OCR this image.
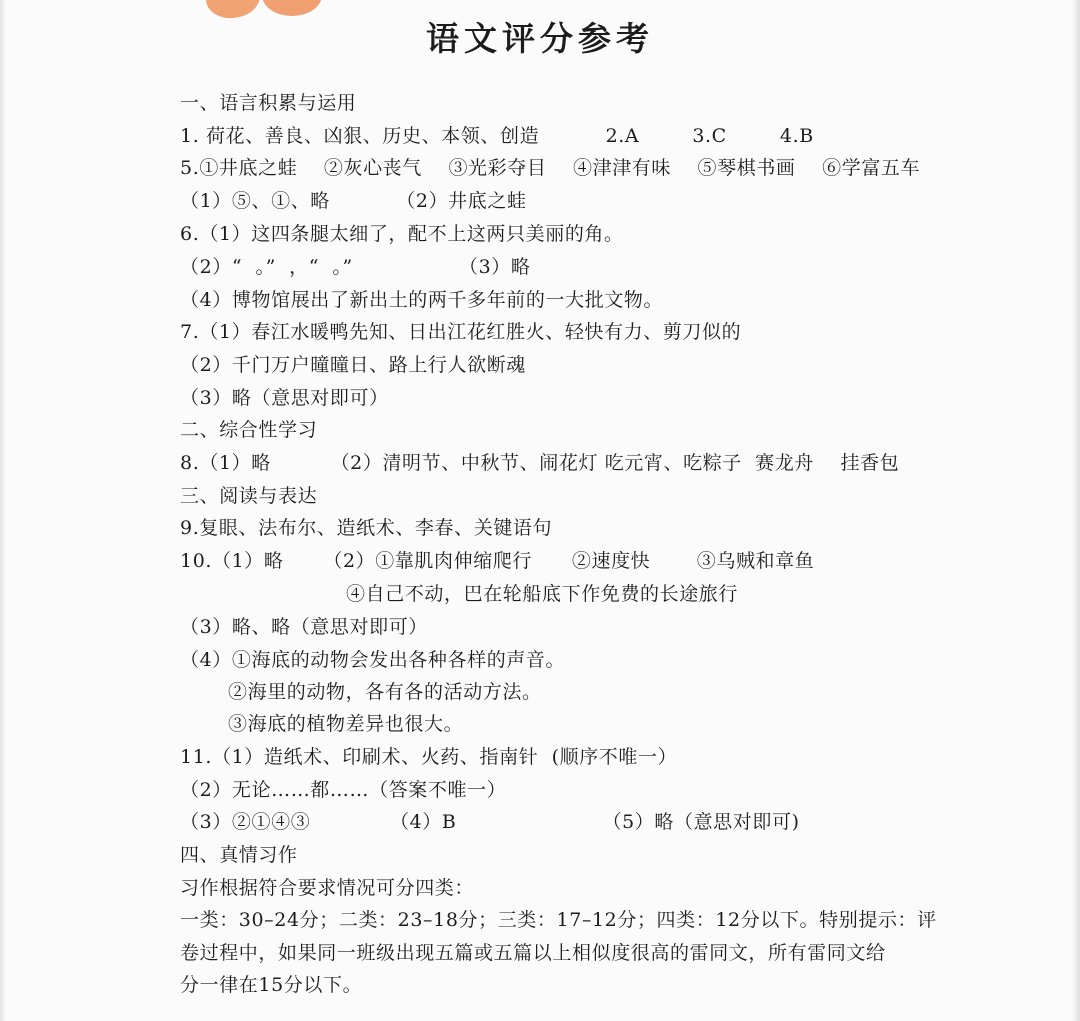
语文评分参考
一、语言积累与运用
1. 荷花、善良、凶狠、历史、本领、创造          2.A        3.C        4.B
5.①井底之蛙    ②灰心丧气    ③光彩夺目    ④津津有味    ⑤琴棋书画    ⑥学富五车
（1）⑤、①、略          （2）井底之蛙
6.（1）这四条腿太细了，配不上这两只美丽的角。
（2）“  。”  ，“  。”                （3）略
（4）博物馆展出了新出土的两千多年前的一大批文物。
7.（1）春江水暖鸭先知、日出江花红胜火、轻快有力、剪刀似的
（2）千门万户曈曈日、路上行人欲断魂
（3）略（意思对即可）
二、综合性学习
8.（1）略         （2）清明节、中秋节、闹花灯 吃元宵、吃粽子  赛龙舟    挂香包
三、阅读与表达
9.复眼、法布尔、造纸术、李春、关键语句
10.（1）略      （2）①靠肌肉伸缩爬行      ②速度快       ③乌贼和章鱼
④自己不动，巴在轮船底下作免费的长途旅行
（3）略、略（意思对即可）
（4）①海底的动物会发出各种各样的声音。
②海里的动物，各有各的活动方法。
③海底的植物差异也很大。
11.（1）造纸术、印刷术、火药、指南针  (顺序不唯一）
（2）无论……都……（答案不唯一）
（3）②①④③            （4）B                      （5）略（意思对即可)
四、真情习作
习作根据符合要求情况可分四类：
一类：30–24分；二类：23–18分；三类：17–12分；四类：12分以下。特别提示：评
卷过程中，如果同一班级出现五篇或五篇以上相似度很高的雷同文，所有雷同文给
分一律在15分以下。
